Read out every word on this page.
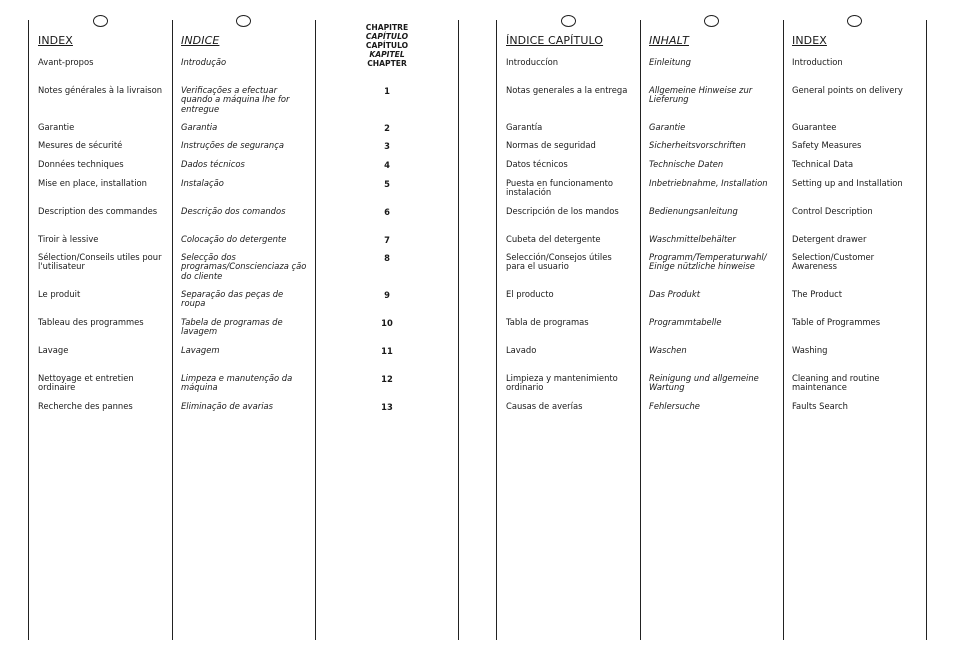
CHAPITRE
CAPÍTULO
CAPÍTULO
KAPITEL
CHAPTER
1
2
3
4
5
6
7
8
9
10
11
12
13
INDEX
Avant-propos
Notes générales à la livraison
Garantie
Mesures de sécurité
Données techniques
Mise en place, installation
Description des commandes
Tiroir à lessive
Sélection/Conseils utiles pour l'utilisateur
Le produit
Tableau des programmes
Lavage
Nettoyage et entretien ordinaire
Recherche des pannes
INDICE
Introdução
Verificações a efectuar quando a máquina Ihe for entregue
Garantia
Instruções de segurança
Dados técnicos
Instalação
Descrição dos comandos
Colocação do detergente
Selecção dos programas/Conscienciaza ção do cliente
Separação das peças de roupa
Tabela de programas de lavagem
Lavagem
Limpeza e manutenção da máquina
Eliminação de avarias
ÍNDICE CAPÍTULO
Introduccíon
Notas generales a la entrega
Garantía
Normas de seguridad
Datos técnicos
Puesta en funcionamento instalación
Descripción de los mandos
Cubeta del detergente
Selección/Consejos útiles para el usuario
El producto
Tabla de programas
Lavado
Limpieza y mantenimiento ordinario
Causas de averías
INHALT
Einleitung
Allgemeine Hinweise zur Lieferung
Garantie
Sicherheitsvorschriften
Technische Daten
Inbetriebnahme, Installation
Bedienungsanleitung
Waschmittelbehälter
Programm/Temperaturwahl/ Einige nützliche hinweise
Das Produkt
Programmtabelle
Waschen
Reinigung und allgemeine Wartung
Fehlersuche
INDEX
Introduction
General points on delivery
Guarantee
Safety Measures
Technical Data
Setting up and Installation
Control Description
Detergent drawer
Selection/Customer Awareness
The Product
Table of Programmes
Washing
Cleaning and routine maintenance
Faults Search
